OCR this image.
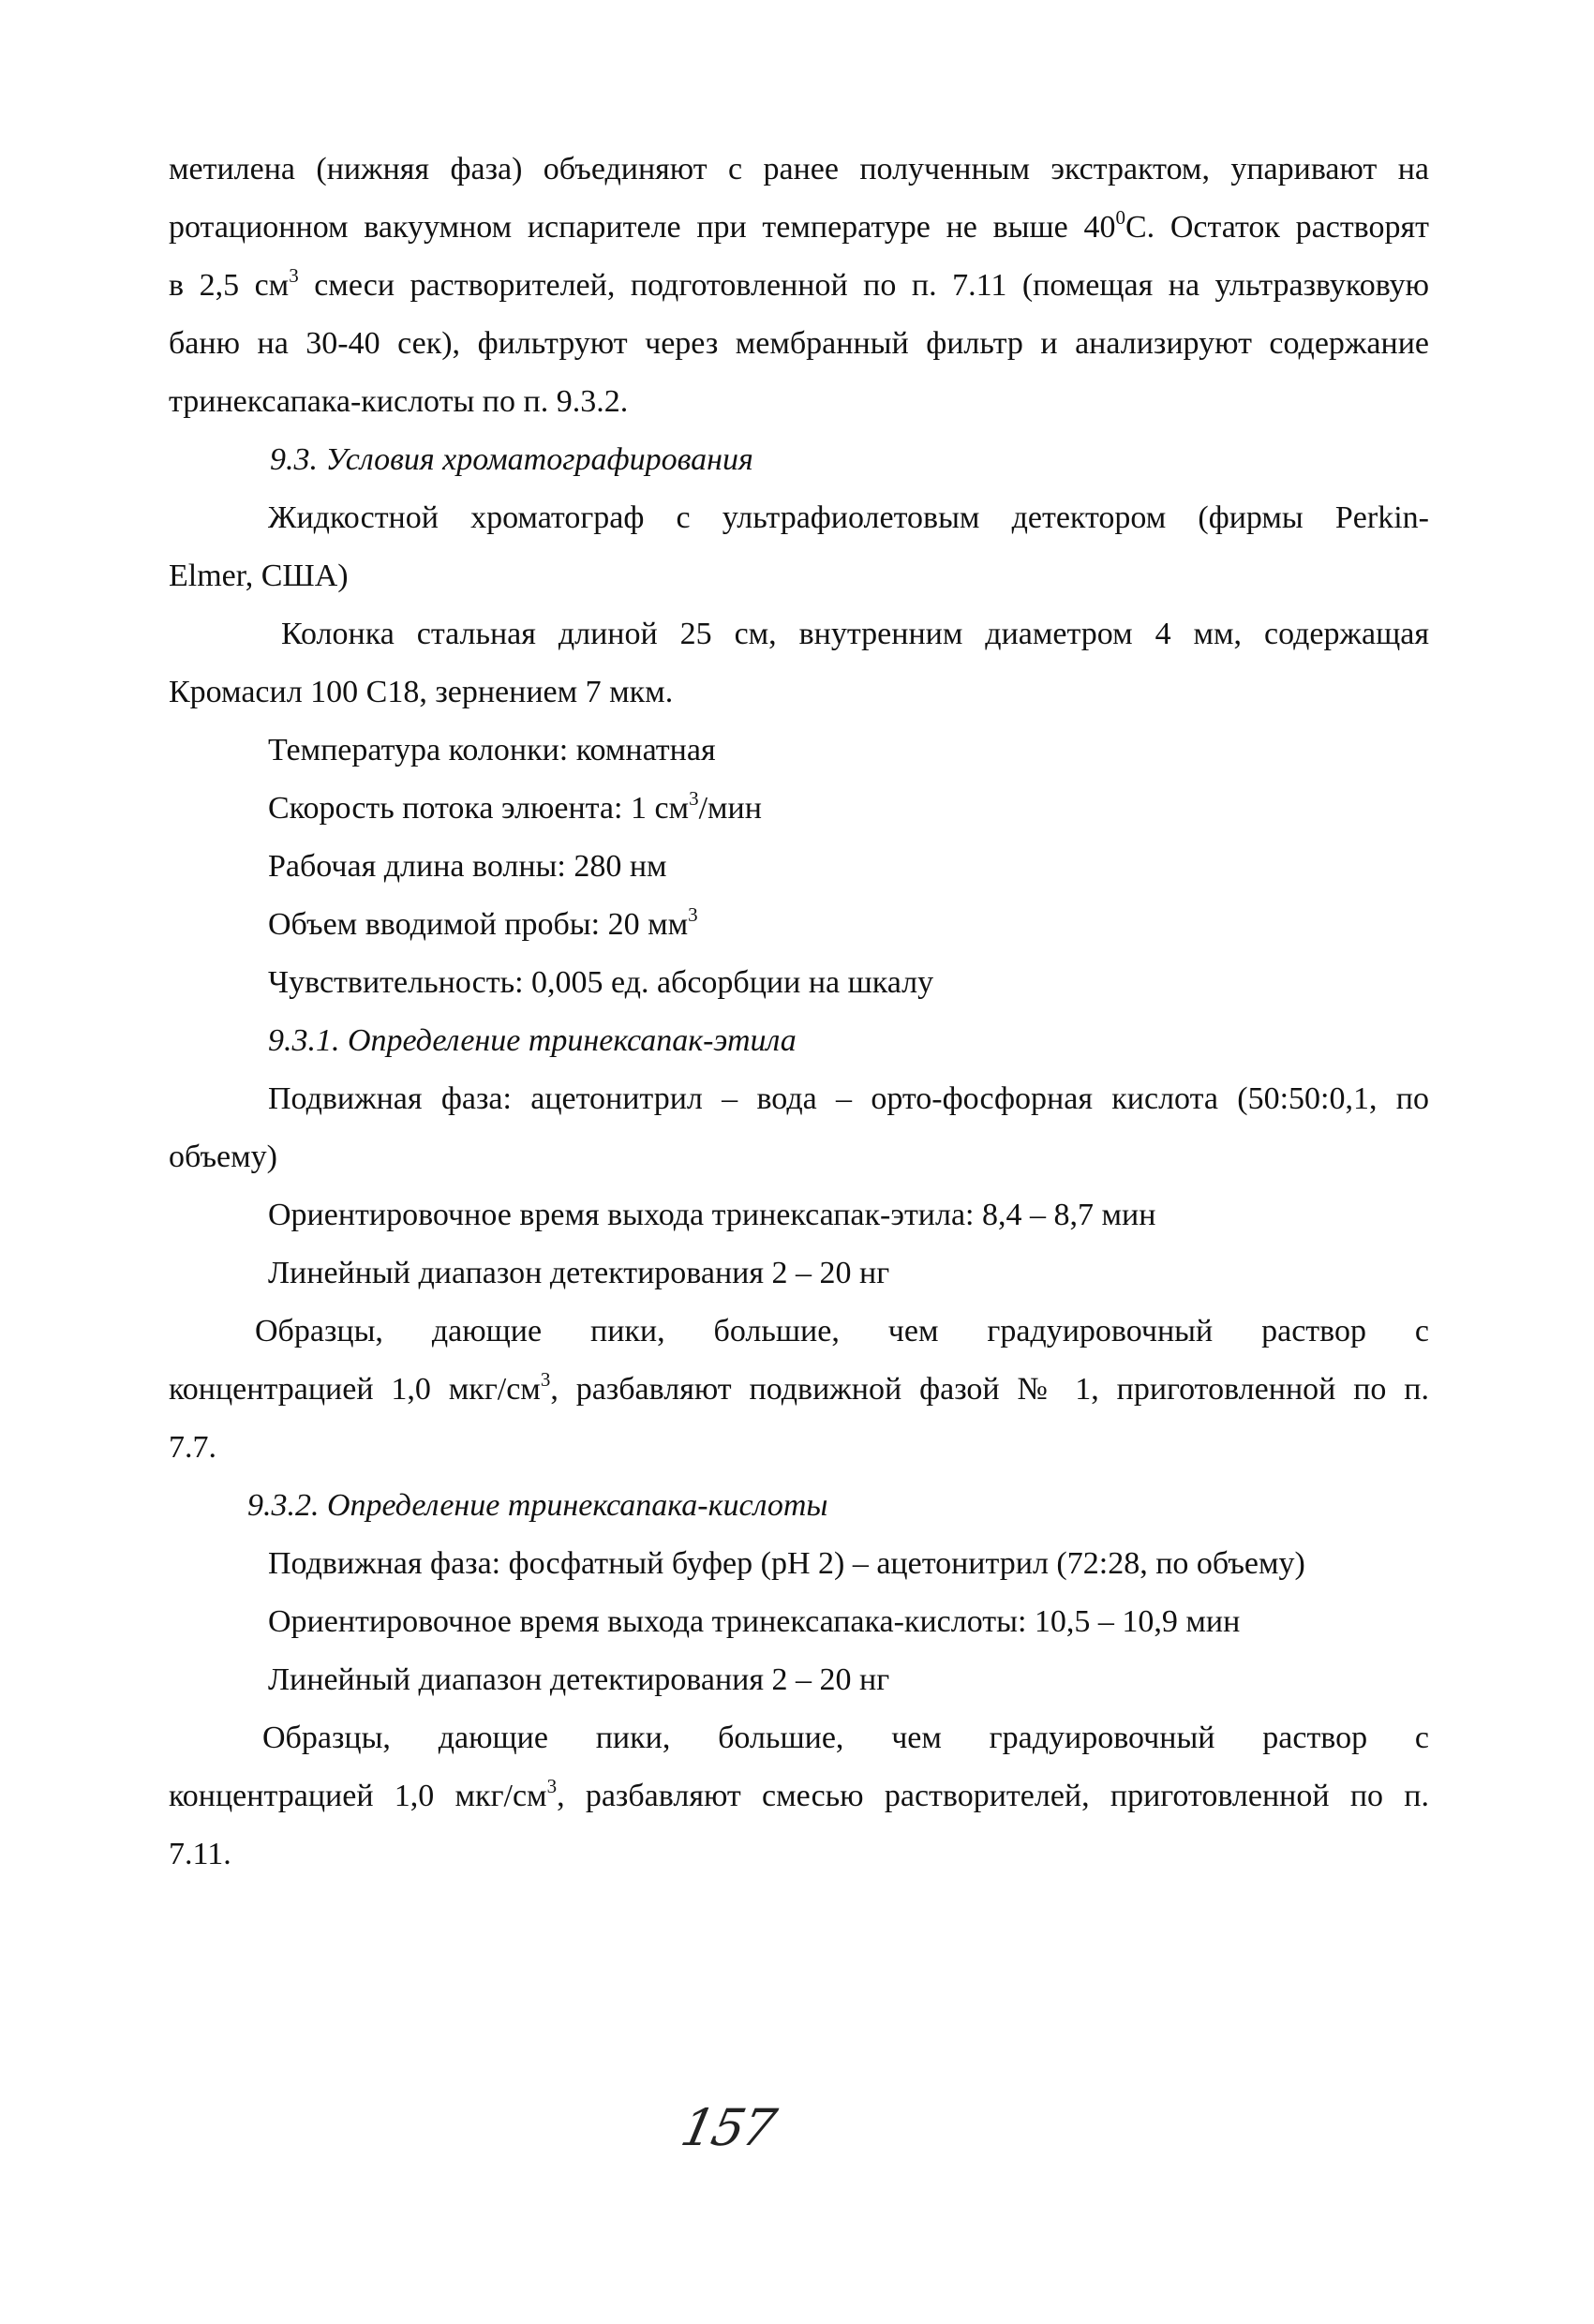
метилена (нижняя фаза) объединяют с ранее полученным экстрактом, упаривают на
ротационном вакуумном испарителе при температуре не выше $40^0С$. Остаток растворят
в 2,5 $см^3$ смеси растворителей, подготовленной по п. 7.11 (помещая на ультразвуковую
баню на 30-40 сек), фильтруют через мембранный фильтр и анализируют содержание
тринексапака-кислоты по п. 9.3.2.
9.3. Условия хроматографирования
Жидкостной хроматограф с ультрафиолетовым детектором (фирмы Perkin-
Elmer, США)
Колонка стальная длиной 25 см, внутренним диаметром 4 мм, содержащая
Кромасил 100 С18, зернением 7 мкм.
Температура колонки: комнатная
Скорость потока элюента: 1 $см^3$/мин
Рабочая длина волны: 280 нм
Объем вводимой пробы: 20 $мм^3$
Чувствительность: 0,005 ед. абсорбции на шкалу
9.3.1. Определение тринексапак-этила
Подвижная фаза: ацетонитрил – вода – орто-фосфорная кислота (50:50:0,1, по
объему)
Ориентировочное время выхода тринексапак-этила: 8,4 – 8,7 мин
Линейный диапазон детектирования 2 – 20 нг
Образцы, дающие пики, большие, чем градуировочный раствор с
концентрацией 1,0 мкг/$см^3$, разбавляют подвижной фазой № 1, приготовленной по п.
7.7.
9.3.2. Определение тринексапака-кислоты
Подвижная фаза: фосфатный буфер (рН 2) – ацетонитрил (72:28, по объему)
Ориентировочное время выхода тринексапака-кислоты: 10,5 – 10,9 мин
Линейный диапазон детектирования 2 – 20 нг
Образцы, дающие пики, большие, чем градуировочный раствор с
концентрацией 1,0 мкг/$см^3$, разбавляют смесью растворителей, приготовленной по п.
7.11.
157
